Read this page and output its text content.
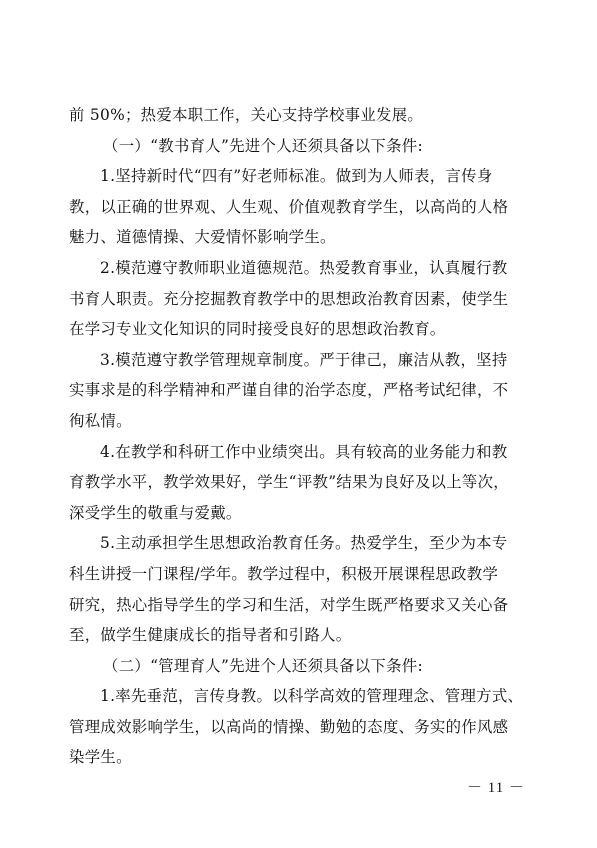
前 50%；热爱本职工作，关心支持学校事业发展。
（一）“教书育人”先进个人还须具备以下条件:
1.坚持新时代“四有”好老师标准。做到为人师表，言传身
教，以正确的世界观、人生观、价值观教育学生，以高尚的人格
魅力、道德情操、大爱情怀影响学生。
2.模范遵守教师职业道德规范。热爱教育事业，认真履行教
书育人职责。充分挖掘教育教学中的思想政治教育因素，使学生
在学习专业文化知识的同时接受良好的思想政治教育。
3.模范遵守教学管理规章制度。严于律己，廉洁从教，坚持
实事求是的科学精神和严谨自律的治学态度，严格考试纪律，不
徇私情。
4.在教学和科研工作中业绩突出。具有较高的业务能力和教
育教学水平，教学效果好，学生“评教”结果为良好及以上等次，
深受学生的敬重与爱戴。
5.主动承担学生思想政治教育任务。热爱学生，至少为本专
科生讲授一门课程/学年。教学过程中，积极开展课程思政教学
研究，热心指导学生的学习和生活，对学生既严格要求又关心备
至，做学生健康成长的指导者和引路人。
（二）“管理育人”先进个人还须具备以下条件:
1.率先垂范，言传身教。以科学高效的管理理念、管理方式、
管理成效影响学生，以高尚的情操、勤勉的态度、务实的作风感
染学生。
－ 11 －
